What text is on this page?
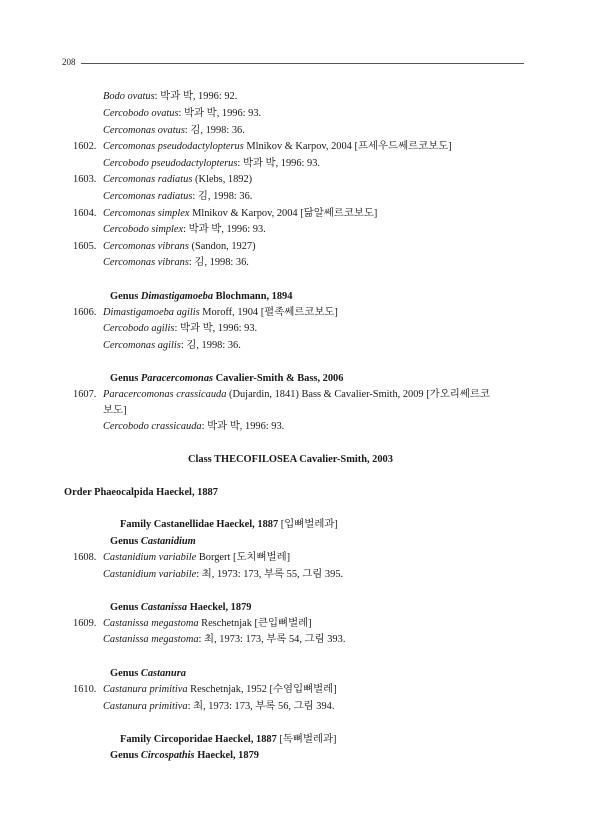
208
Bodo ovatus: 박과 박, 1996: 92.
Cercobodo ovatus: 박과 박, 1996: 93.
Cercomonas ovatus: 김, 1998: 36.
1602. Cercomonas pseudodactylopterus Mlnikov & Karpov, 2004 [프세우드쎄르코보도]
Cercobodo pseudodactylopterus: 박과 박, 1996: 93.
1603. Cercomonas radiatus (Klebs, 1892)
Cercomonas radiatus: 김, 1998: 36.
1604. Cercomonas simplex Mlnikov & Karpov, 2004 [닮알쎄르코보도]
Cercobodo simplex: 박과 박, 1996: 93.
1605. Cercomonas vibrans (Sandon, 1927)
Cercomonas vibrans: 김, 1998: 36.
Genus Dimastigamoeba Blochmann, 1894
1606. Dimastigamoeba agilis Moroff, 1904 [펼족쎄르코보도]
Cercobodo agilis: 박과 박, 1996: 93.
Cercomonas agilis: 김, 1998: 36.
Genus Paracercomonas Cavalier-Smith & Bass, 2006
1607. Paracercomonas crassicauda (Dujardin, 1841) Bass & Cavalier-Smith, 2009 [가오리쎄르코
보도]
Cercobodo crassicauda: 박과 박, 1996: 93.
Class THECOFILOSEA Cavalier-Smith, 2003
Order Phaeocalpida Haeckel, 1887
Family Castanellidae Haeckel, 1887 [입뼈벌레과]
Genus Castanidium
1608. Castanidium variabile Borgert [도치뼈벌레]
Castanidium variabile: 최, 1973: 173, 부록 55, 그림 395.
Genus Castanissa Haeckel, 1879
1609. Castanissa megastoma Reschetnjak [큰입뼈벌레]
Castanissa megastoma: 최, 1973: 173, 부록 54, 그림 393.
Genus Castanura
1610. Castanura primitiva Reschetnjak, 1952 [수염입뼈벌레]
Castanura primitiva: 최, 1973: 173, 부록 56, 그림 394.
Family Circoporidae Haeckel, 1887 [독뼈벌레과]
Genus Circospathis Haeckel, 1879
